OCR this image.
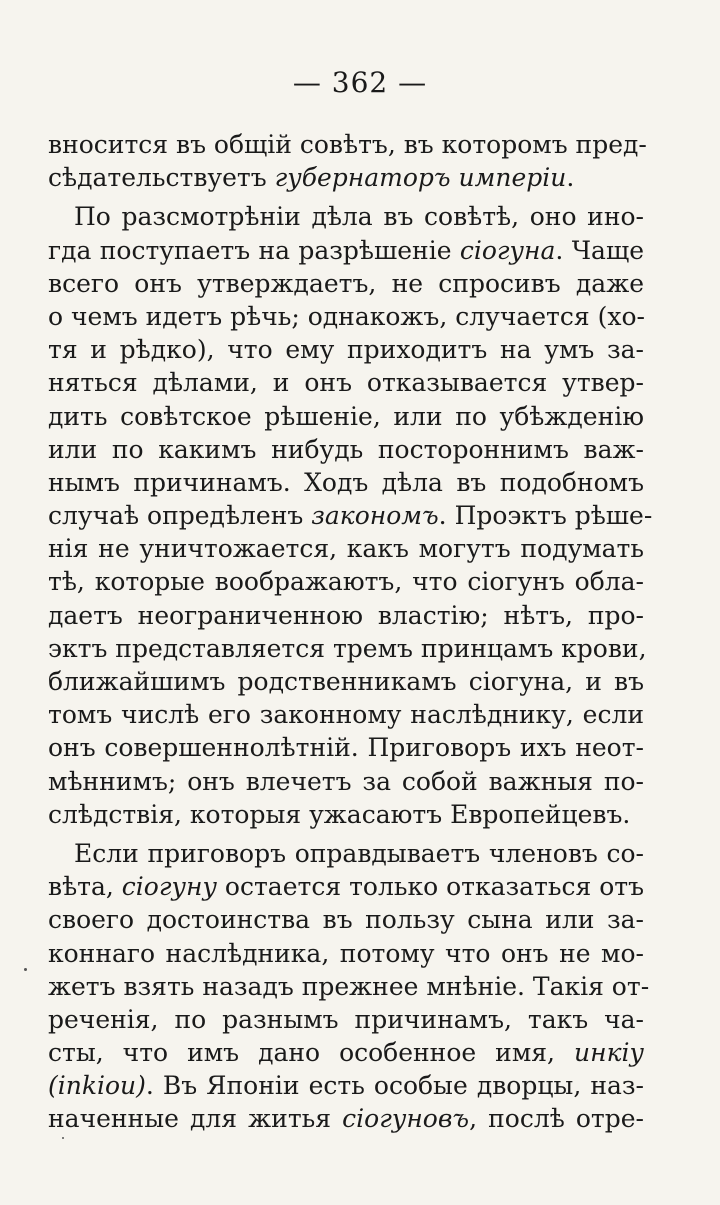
— 362 —
вносится въ общій совѣтъ, въ которомъ пред-
сѣдательствуетъ губернаторъ имперіи.
По разсмотрѣніи дѣла въ совѣтѣ, оно ино-
гда поступаетъ на разрѣшеніе сіогуна. Чаще
всего онъ утверждаетъ, не спросивъ даже
о чемъ идетъ рѣчь; однакожъ, случается (хо-
тя и рѣдко), что ему приходитъ на умъ за-
няться дѣлами, и онъ отказывается утвер-
дить совѣтское рѣшеніе, или по убѣжденію
или по какимъ нибудь постороннимъ важ-
нымъ причинамъ. Ходъ дѣла въ подобномъ
случаѣ опредѣленъ закономъ. Проэктъ рѣше-
нія не уничтожается, какъ могутъ подумать
тѣ, которые воображаютъ, что сіогунъ обла-
даетъ неограниченною властію; нѣтъ, про-
эктъ представляется тремъ принцамъ крови,
ближайшимъ родственникамъ сіогуна, и въ
томъ числѣ его законному наслѣднику, если
онъ совершеннолѣтній. Приговоръ ихъ неот-
мѣннимъ; онъ влечетъ за собой важныя по-
слѣдствія, которыя ужасаютъ Европейцевъ.
Если приговоръ оправдываетъ членовъ со-
вѣта, сіогуну остается только отказаться отъ
своего достоинства въ пользу сына или за-
коннаго наслѣдника, потому что онъ не мо-
жетъ взять назадъ прежнее мнѣніе. Такія от-
реченія, по разнымъ причинамъ, такъ ча-
сты, что имъ дано особенное имя, инкіу
(inkiou). Въ Японіи есть особые дворцы, наз-
наченные для житья сіогуновъ, послѣ отре-
